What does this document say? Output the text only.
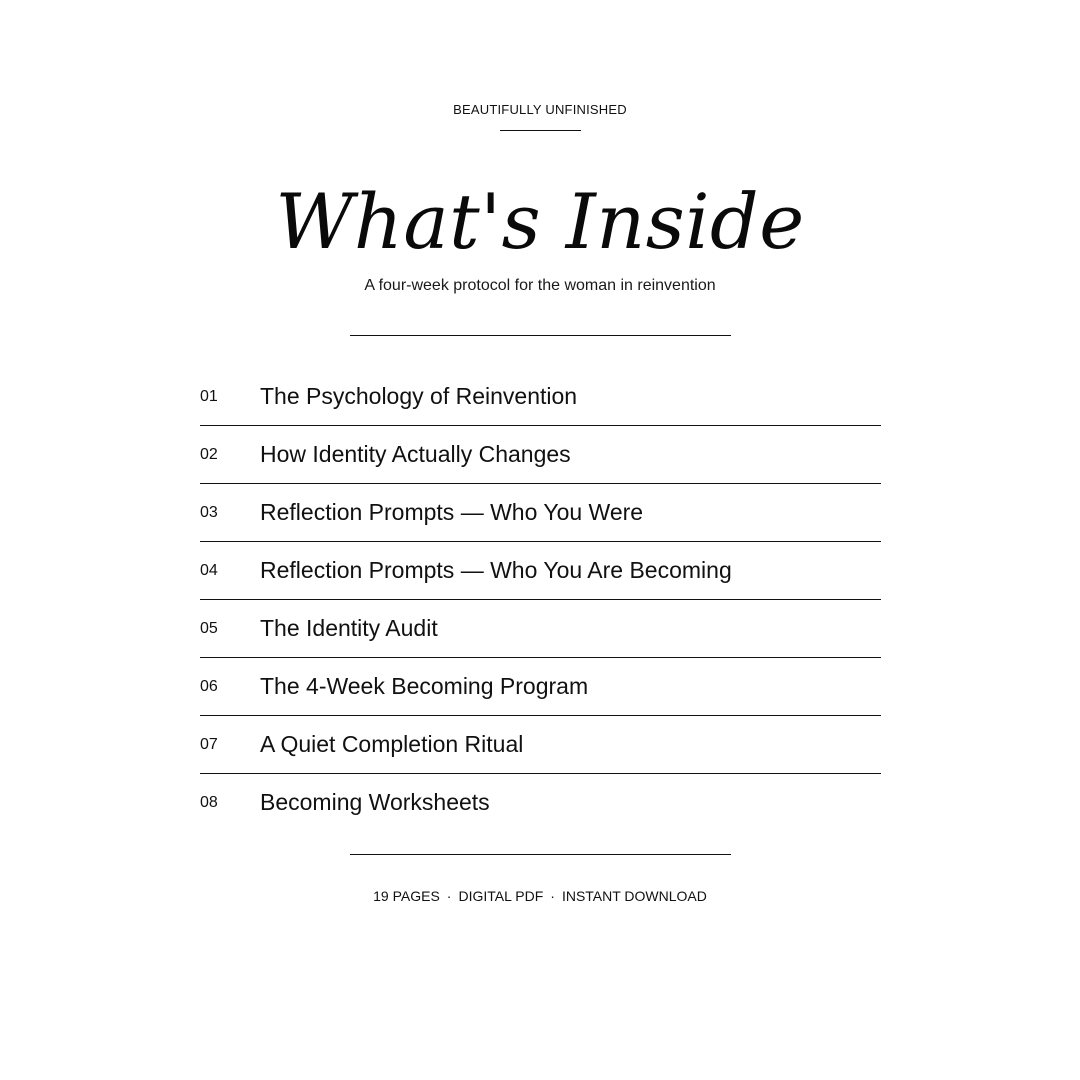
BEAUTIFULLY UNFINISHED
What's Inside
A four-week protocol for the woman in reinvention
01 The Psychology of Reinvention
02 How Identity Actually Changes
03 Reflection Prompts — Who You Were
04 Reflection Prompts — Who You Are Becoming
05 The Identity Audit
06 The 4-Week Becoming Program
07 A Quiet Completion Ritual
08 Becoming Worksheets
19 PAGES · DIGITAL PDF · INSTANT DOWNLOAD
